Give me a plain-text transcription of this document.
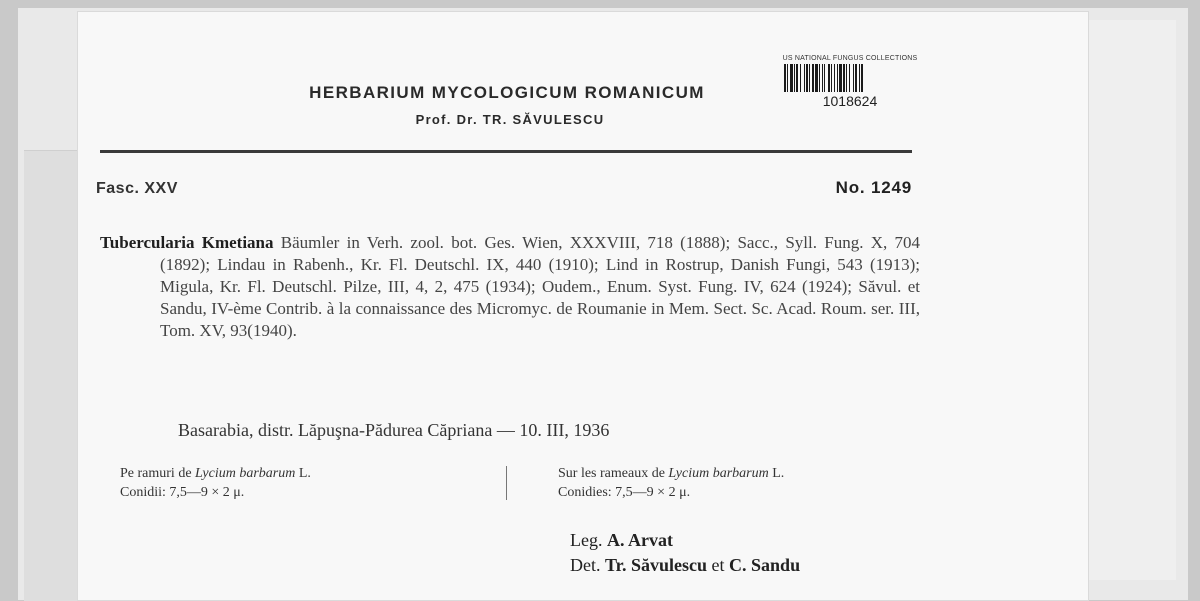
HERBARIUM MYCOLOGICUM ROMANICUM
Prof. Dr. TR. SĂVULESCU
US NATIONAL FUNGUS COLLECTIONS
1018624
Fasc. XXV	No. 1249
Tubercularia Kmetiana Bäumler in Verh. zool. bot. Ges. Wien, XXXVIII, 718 (1888); Sacc., Syll. Fung. X, 704 (1892); Lindau in Rabenh., Kr. Fl. Deutschl. IX, 440 (1910); Lind in Rostrup, Danish Fungi, 543 (1913); Migula, Kr. Fl. Deutschl. Pilze, III, 4, 2, 475 (1934); Oudem., Enum. Syst. Fung. IV, 624 (1924); Săvul. et Sandu, IV-ème Contrib. à la connaissance des Micromyc. de Roumanie in Mem. Sect. Sc. Acad. Roum. ser. III, Tom. XV, 93(1940).
Basarabia, distr. Lăpuşna-Pădurea Căpriana — 10. III, 1936
Pe ramuri de Lycium barbarum L.
Conidii: 7,5—9 × 2 μ.
Sur les rameaux de Lycium barbarum L.
Conidies: 7,5—9 × 2 μ.
Leg. A. Arvat
Det. Tr. Săvulescu et C. Sandu
